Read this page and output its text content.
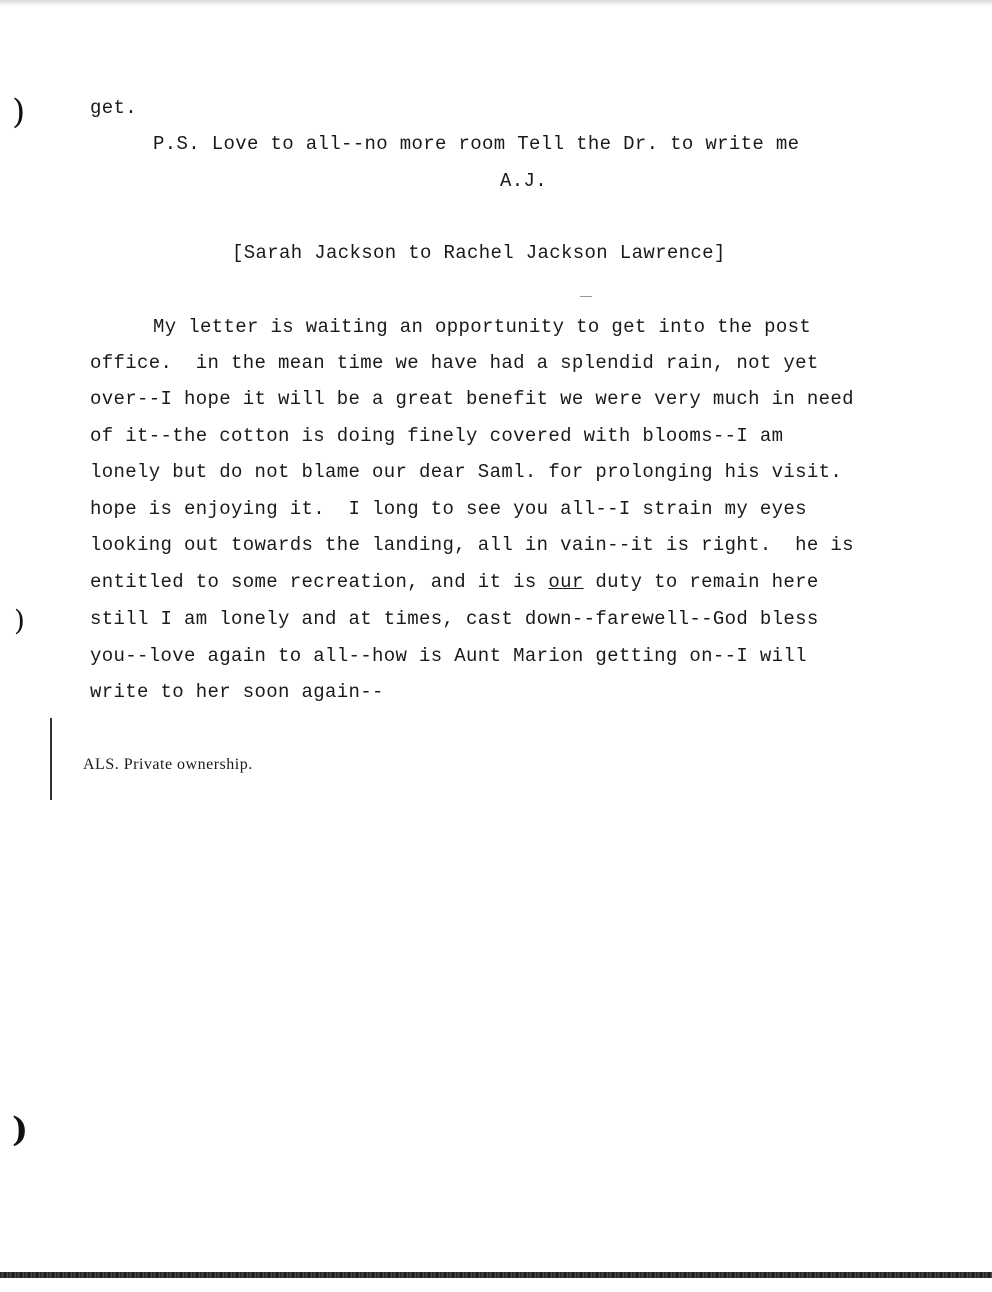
)
)
)
get.
P.S. Love to all--no more room Tell the Dr. to write me
A.J.
[Sarah Jackson to Rachel Jackson Lawrence]
My letter is waiting an opportunity to get into the post
office.  in the mean time we have had a splendid rain, not yet
over--I hope it will be a great benefit we were very much in need
of it--the cotton is doing finely covered with blooms--I am
lonely but do not blame our dear Saml. for prolonging his visit.
hope is enjoying it.  I long to see you all--I strain my eyes
looking out towards the landing, all in vain--it is right.  he is
entitled to some recreation, and it is our duty to remain here
still I am lonely and at times, cast down--farewell--God bless
you--love again to all--how is Aunt Marion getting on--I will
write to her soon again--
ALS. Private ownership.
